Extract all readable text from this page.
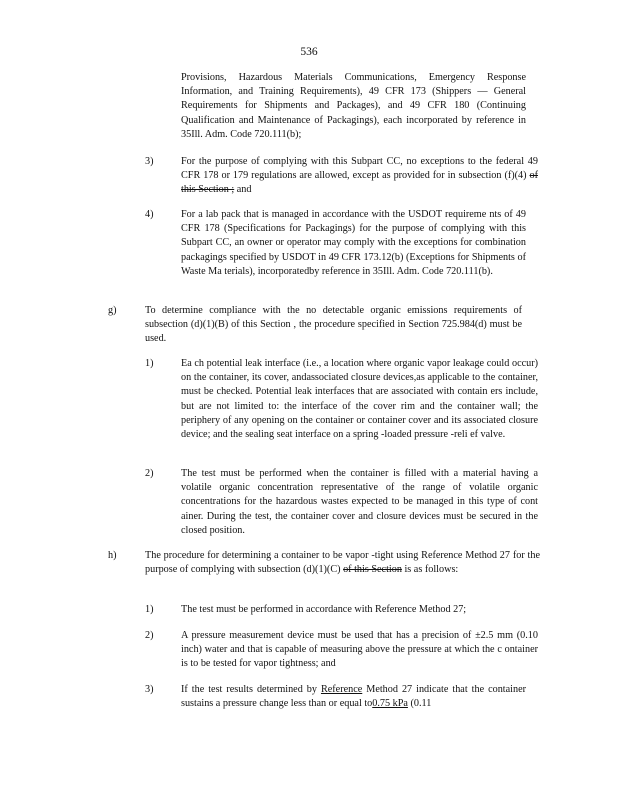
536
Provisions, Hazardous Materials Communications, Emergency Response Information, and Training Requirements), 49 CFR 173 (Shippers — General Requirements for Shipments and Packages), and 49 CFR 180 (Continuing Qualification and Maintenance of Packagings), each incorporated by reference in 35Ill. Adm. Code 720.111(b);
3)	For the purpose of complying with this Subpart CC, no exceptions to the federal 49 CFR 178 or 179 regulations are allowed, except as provided for in subsection (f)(4) of this Section ; and
4)	For a lab pack that is managed in accordance with the USDOT requireme nts of 49 CFR 178 (Specifications for Packagings) for the purpose of complying with this Subpart CC, an owner or operator may comply with the exceptions for combination packagings specified by USDOT in 49 CFR 173.12(b) (Exceptions for Shipments of Waste Ma terials), incorporatedby reference in 35Ill. Adm. Code 720.111(b).
g)	To determine compliance with the no detectable organic emissions requirements of subsection (d)(1)(B) of this Section , the procedure specified in Section 725.984(d) must be used.
1)	Ea ch potential leak interface (i.e., a location where organic vapor leakage could occur) on the container, its cover, andassociated closure devices,as applicable to the container, must be checked. Potential leak interfaces that are associated with contain ers include, but are not limited to: the interface of the cover rim and the container wall; the periphery of any opening on the container or container cover and its associated closure device; and the sealing seat interface on a spring -loaded pressure -reli ef valve.
2)	The test must be performed when the container is filled with a material having a volatile organic concentration representative of the range of volatile organic concentrations for the hazardous wastes expected to be managed in this type of cont ainer. During the test, the container cover and closure devices must be secured in the closed position.
h)	The procedure for determining a container to be vapor -tight using Reference Method 27 for the purpose of complying with subsection (d)(1)(C) of this Section is as follows:
1)	The test must be performed in accordance with Reference Method 27;
2)	A pressure measurement device must be used that has a precision of ±2.5 mm (0.10 inch) water and that is capable of measuring above the pressure at which the c ontainer is to be tested for vapor tightness; and
3)	If the test results determined by Reference Method 27 indicate that the container sustains a pressure change less than or equal to0.75 kPa (0.11
